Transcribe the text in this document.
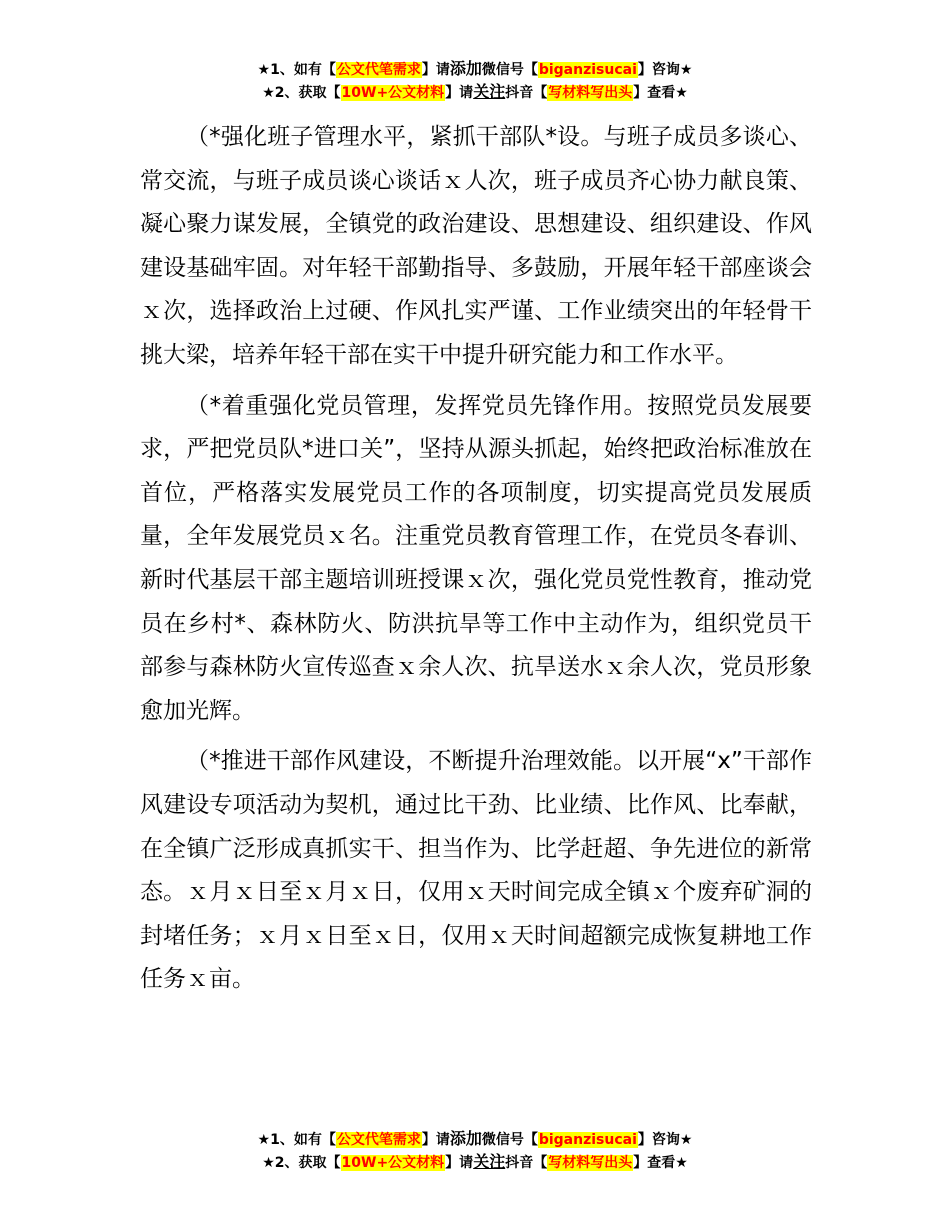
★1、如有【公文代笔需求】请添加微信号【biganzisucai】咨询★
★2、获取【10W+公文材料】请关注抖音【写材料写出头】查看★

（*强化班子管理水平，紧抓干部队*设。与班子成员多谈心、常交流，与班子成员谈心谈话ｘ人次，班子成员齐心协力献良策、凝心聚力谋发展，全镇党的政治建设、思想建设、组织建设、作风建设基础牢固。对年轻干部勤指导、多鼓励，开展年轻干部座谈会ｘ次，选择政治上过硬、作风扎实严谨、工作业绩突出的年轻骨干挑大梁，培养年轻干部在实干中提升研究能力和工作水平。

（*着重强化党员管理，发挥党员先锋作用。按照党员发展要求，严把党员队*进口关”，坚持从源头抓起，始终把政治标准放在首位，严格落实发展党员工作的各项制度，切实提高党员发展质量，全年发展党员ｘ名。注重党员教育管理工作，在党员冬春训、新时代基层干部主题培训班授课ｘ次，强化党员党性教育，推动党员在乡村*、森林防火、防洪抗旱等工作中主动作为，组织党员干部参与森林防火宣传巡查ｘ余人次、抗旱送水ｘ余人次，党员形象愈加光辉。

（*推进干部作风建设，不断提升治理效能。以开展“x”干部作风建设专项活动为契机，通过比干劲、比业绩、比作风、比奉献，在全镇广泛形成真抓实干、担当作为、比学赶超、争先进位的新常态。ｘ月ｘ日至ｘ月ｘ日，仅用ｘ天时间完成全镇ｘ个废弃矿洞的封堵任务；ｘ月ｘ日至ｘ日，仅用ｘ天时间超额完成恢复耕地工作任务ｘ亩。

★1、如有【公文代笔需求】请添加微信号【biganzisucai】咨询★
★2、获取【10W+公文材料】请关注抖音【写材料写出头】查看★
